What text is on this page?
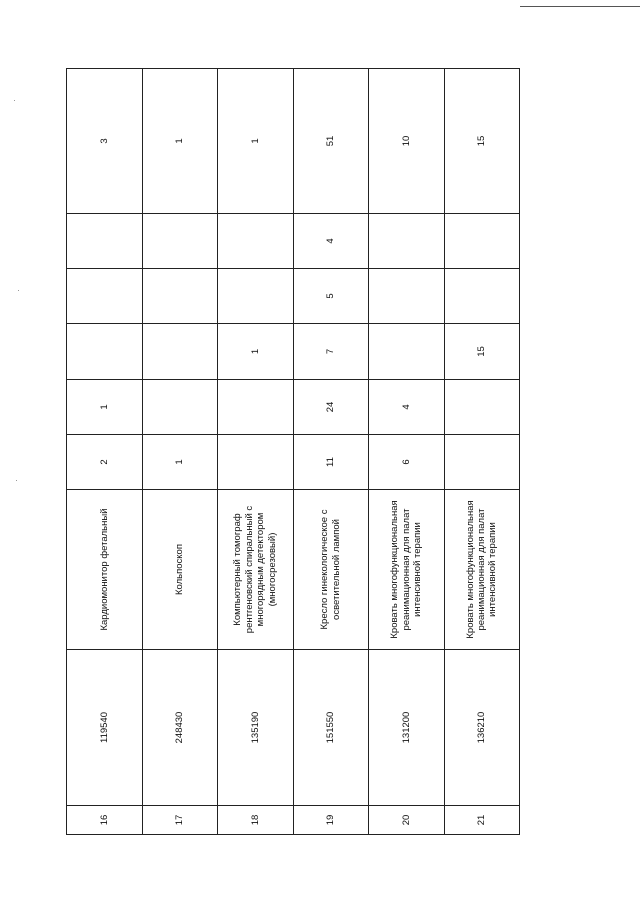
16	119540	Кардиомонитор фетальный	2	1				3
17	248430	Кольпоскоп	1					1
18	135190	Компьютерный томограф рентгеновский спиральный с многорядным детектором (многосрезовый)			1			1
19	151550	Кресло гинекологическое с осветительной лампой	11	24	7	5	4	51
20	131200	Кровать многофункциональная реанимационная для палат интенсивной терапии	6	4				10
21	136210	Кровать многофункциональная реанимационная для палат интенсивной терапии			15			15
